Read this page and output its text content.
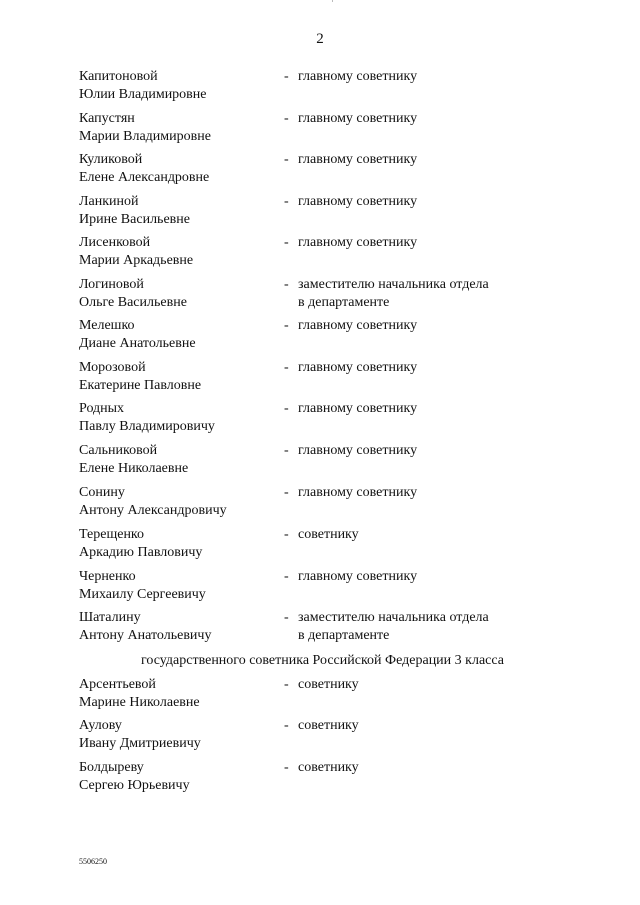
2
Капитоновой
Юлии Владимировне
- главному советнику
Капустян
Марии Владимировне
- главному советнику
Куликовой
Елене Александровне
- главному советнику
Ланкиной
Ирине Васильевне
- главному советнику
Лисенковой
Марии Аркадьевне
- главному советнику
Логиновой
Ольге Васильевне
- заместителю начальника отдела
в департаменте
Мелешко
Диане Анатольевне
- главному советнику
Морозовой
Екатерине Павловне
- главному советнику
Родных
Павлу Владимировичу
- главному советнику
Сальниковой
Елене Николаевне
- главному советнику
Сонину
Антону Александровичу
- главному советнику
Терещенко
Аркадию Павловичу
- советнику
Черненко
Михаилу Сергеевичу
- главному советнику
Шаталину
Антону Анатольевичу
- заместителю начальника отдела
в департаменте
государственного советника Российской Федерации 3 класса
Арсентьевой
Марине Николаевне
- советнику
Аулову
Ивану Дмитриевичу
- советнику
Болдыреву
Сергею Юрьевичу
- советнику
5506250
